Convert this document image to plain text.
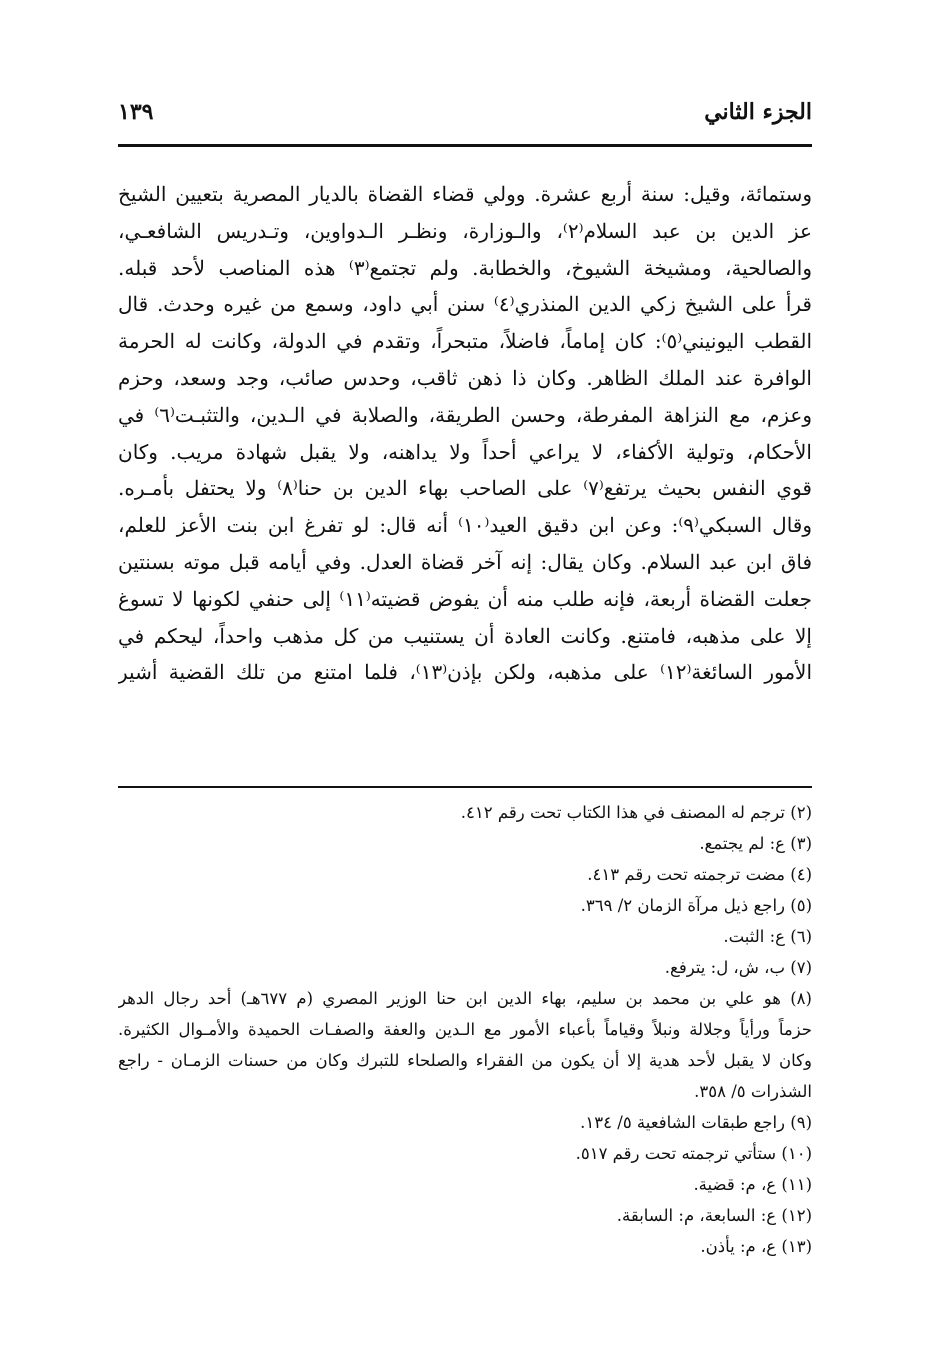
الجزء الثاني
١٣٩
وستمائة، وقيل: سنة أربع عشرة. وولي قضاء القضاة بالديار المصرية بتعيين الشيخ
عز الدين بن عبد السلام⁽٢⁾، والـوزارة، ونظـر الـدواوين، وتـدريس الشافعـي،
والصالحية، ومشيخة الشيوخ، والخطابة. ولم تجتمع⁽٣⁾ هذه المناصب لأحد قبله.
قرأ على الشيخ زكي الدين المنذري⁽٤⁾ سنن أبي داود، وسمع من غيره وحدث. قال
القطب اليونيني⁽٥⁾: كان إماماً، فاضلاً، متبحراً، وتقدم في الدولة، وكانت له الحرمة
الوافرة عند الملك الظاهر. وكان ذا ذهن ثاقب، وحدس صائب، وجد وسعد، وحزم
وعزم، مع النزاهة المفرطة، وحسن الطريقة، والصلابة في الـدين، والتثبـت⁽٦⁾ في
الأحكام، وتولية الأكفاء، لا يراعي أحداً ولا يداهنه، ولا يقبل شهادة مريب. وكان
قوي النفس بحيث يرتفع⁽٧⁾ على الصاحب بهاء الدين بن حنا⁽٨⁾ ولا يحتفل بأمـره.
وقال السبكي⁽٩⁾: وعن ابن دقيق العيد⁽١٠⁾ أنه قال: لو تفرغ ابن بنت الأعز للعلم،
فاق ابن عبد السلام. وكان يقال: إنه آخر قضاة العدل. وفي أيامه قبل موته بسنتين
جعلت القضاة أربعة، فإنه طلب منه أن يفوض قضيته⁽١١⁾ إلى حنفي لكونها لا تسوغ
إلا على مذهبه، فامتنع. وكانت العادة أن يستنيب من كل مذهب واحداً، ليحكم في
الأمور السائغة⁽١٢⁾ على مذهبه، ولكن بإذن⁽١٣⁾، فلما امتنع من تلك القضية أشير
(٢) ترجم له المصنف في هذا الكتاب تحت رقم ٤١٢.
(٣) ع: لم يجتمع.
(٤) مضت ترجمته تحت رقم ٤١٣.
(٥) راجع ذيل مرآة الزمان ٢/ ٣٦٩.
(٦) ع: الثبت.
(٧) ب، ش، ل: يترفع.
(٨) هو علي بن محمد بن سليم، بهاء الدين ابن حنا الوزير المصري (م ٦٧٧هـ) أحد رجال الدهر
حزماً ورأياً وجلالة ونبلاً وقياماً بأعباء الأمور مع الـدين والعفة والصفـات الحميدة والأمـوال الكثيرة.
وكان لا يقبل لأحد هدية إلا أن يكون من الفقراء والصلحاء للتبرك وكان من حسنات الزمـان - راجع
الشذرات ٥/ ٣٥٨.
(٩) راجع طبقات الشافعية ٥/ ١٣٤.
(١٠) ستأتي ترجمته تحت رقم ٥١٧.
(١١) ع، م: قضية.
(١٢) ع: السابعة، م: السابقة.
(١٣) ع، م: يأذن.
